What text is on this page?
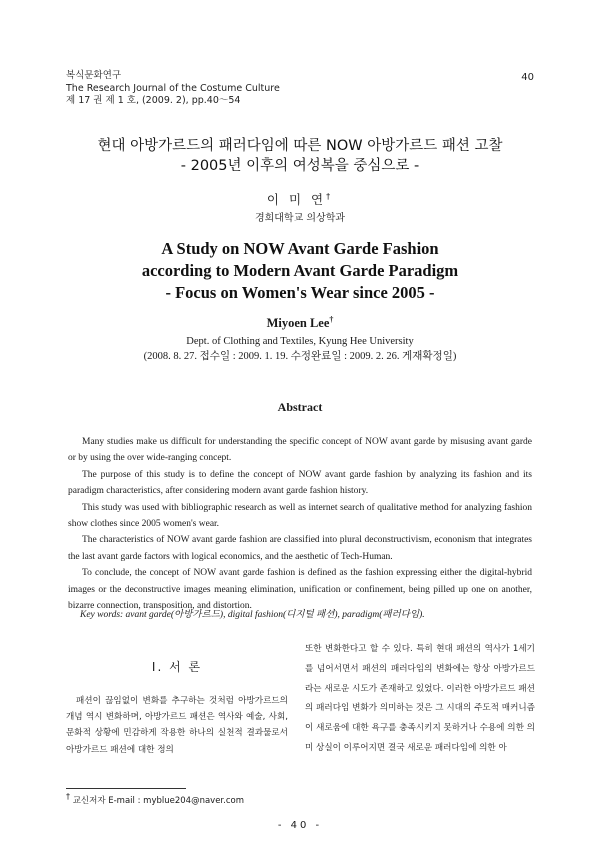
복식문화연구
The Research Journal of the Costume Culture
제 17 권 제 1 호, (2009. 2), pp.40～54
40
현대 아방가르드의 패러다임에 따른 NOW 아방가르드 패션 고찰
- 2005년 이후의 여성복을 중심으로 -
이 미 연†
경희대학교 의상학과
A Study on NOW Avant Garde Fashion
according to Modern Avant Garde Paradigm
- Focus on Women's Wear since 2005 -
Miyoen Lee†
Dept. of Clothing and Textiles, Kyung Hee University
(2008. 8. 27. 접수일 : 2009. 1. 19. 수정완료일 : 2009. 2. 26. 게재확정일)
Abstract

Many studies make us difficult for understanding the specific concept of NOW avant garde by misusing avant garde or by using the over wide-ranging concept.

The purpose of this study is to define the concept of NOW avant garde fashion by analyzing its fashion and its paradigm characteristics, after considering modern avant garde fashion history.

This study was used with bibliographic research as well as internet search of qualitative method for analyzing fashion show clothes since 2005 women's wear.

The characteristics of NOW avant garde fashion are classified into plural deconstructivism, econonism that integrates the last avant garde factors with logical economics, and the aesthetic of Tech-Human.

To conclude, the concept of NOW avant garde fashion is defined as the fashion expressing either the digital-hybrid images or the deconstructive images meaning elimination, unification or confinement, being pilled up one on another, bizarre connection, transposition, and distortion.

Key words: avant garde(아방가르드), digital fashion(디지털 패션), paradigm(패러다임).
Ⅰ. 서 론

패션이 끊임없이 변화를 추구하는 것처럼 아방가르드의 개념 역시 변화하며, 아방가르드 패션은 역사와 예술, 사회, 문화적 상황에 민감하게 작용한 하나의 실천적 결과물로서 아방가르드 패션에 대한 정의

또한 변화한다고 할 수 있다. 특히 현대 패션의 역사가 1세기를 넘어서면서 패션의 패러다임의 변화에는 항상 아방가르드라는 새로운 시도가 존재하고 있었다. 이러한 아방가르드 패션의 패러다임 변화가 의미하는 것은 그 시대의 주도적 매커니즘이 새로움에 대한 욕구를 충족시키지 못하거나 수용에 의한 의미 상실이 이루어지면 결국 새로운 패러다임에 의한 아

† 교신저자 E-mail : myblue204@naver.com
- 40 -
